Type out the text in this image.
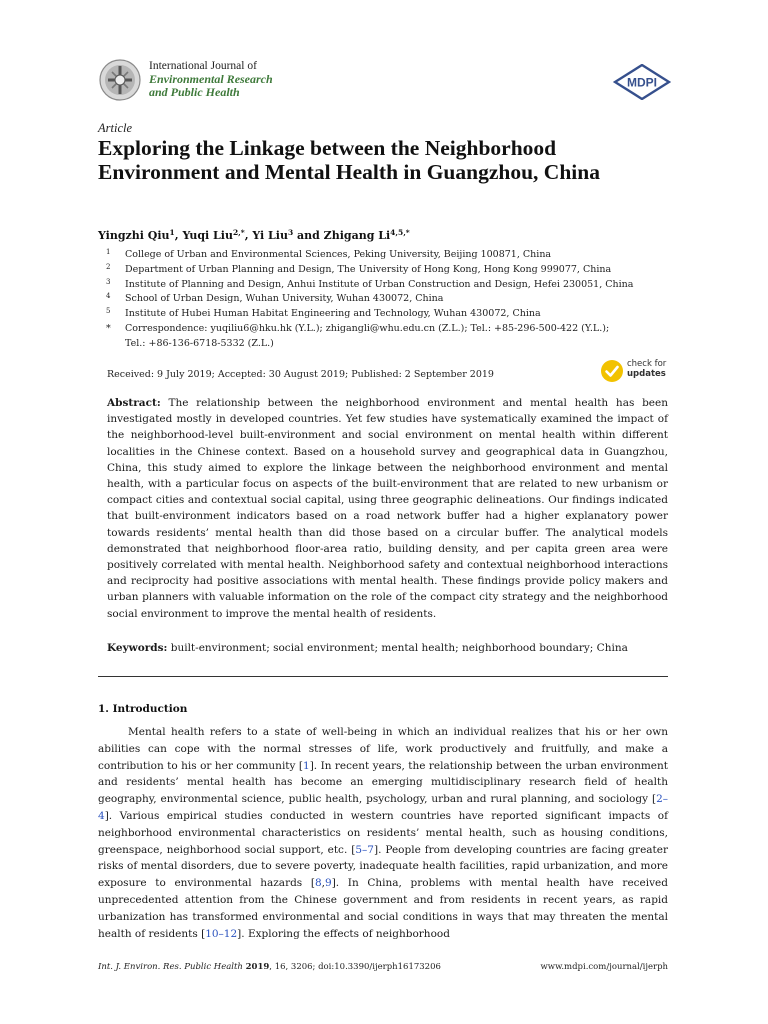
International Journal of
Environmental Research
and Public Health
MDPI
Article
Exploring the Linkage between the Neighborhood Environment and Mental Health in Guangzhou, China
Yingzhi Qiu$^1$, Yuqi Liu$^{2,*}$, Yi Liu$^3$ and Zhigang $Li^{4,5,*}$
1 College of Urban and Environmental Sciences, Peking University, Beijing 100871, China
2 Department of Urban Planning and Design, The University of Hong Kong, Hong Kong 999077, China
3 Institute of Planning and Design, Anhui Institute of Urban Construction and Design, Hefei 230051, China
4 School of Urban Design, Wuhan University, Wuhan 430072, China
5 Institute of Hubei Human Habitat Engineering and Technology, Wuhan 430072, China
* Correspondence: yuqiliu6@hku.hk (Y.L.); zhigangli@whu.edu.cn (Z.L.); Tel.: +85-296-500-422 (Y.L.);
Tel.: +86-136-6718-5332 (Z.L.)
Received: 9 July 2019; Accepted: 30 August 2019; Published: 2 September 2019
check for
updates

Abstract: The relationship between the neighborhood environment and mental health has been investigated mostly in developed countries. Yet few studies have systematically examined the impact of the neighborhood-level built-environment and social environment on mental health within different localities in the Chinese context. Based on a household survey and geographical data in Guangzhou, China, this study aimed to explore the linkage between the neighborhood environment and mental health, with a particular focus on aspects of the built-environment that are related to new urbanism or compact cities and contextual social capital, using three geographic delineations. Our findings indicated that built-environment indicators based on a road network buffer had a higher explanatory power towards residents’ mental health than did those based on a circular buffer. The analytical models demonstrated that neighborhood floor-area ratio, building density, and per capita green area were positively correlated with mental health. Neighborhood safety and contextual neighborhood interactions and reciprocity had positive associations with mental health. These findings provide policy makers and urban planners with valuable information on the role of the compact city strategy and the neighborhood social environment to improve the mental health of residents.

Keywords: built-environment; social environment; mental health; neighborhood boundary; China

1. Introduction

Mental health refers to a state of well-being in which an individual realizes that his or her own abilities can cope with the normal stresses of life, work productively and fruitfully, and make a contribution to his or her community [1]. In recent years, the relationship between the urban environment and residents’ mental health has become an emerging multidisciplinary research field of health geography, environmental science, public health, psychology, urban and rural planning, and sociology [2–4]. Various empirical studies conducted in western countries have reported significant impacts of neighborhood environmental characteristics on residents’ mental health, such as housing conditions, greenspace, neighborhood social support, etc. [5–7]. People from developing countries are facing greater risks of mental disorders, due to severe poverty, inadequate health facilities, rapid urbanization, and more exposure to environmental hazards [8,9]. In China, problems with mental health have received unprecedented attention from the Chinese government and from residents in recent years, as rapid urbanization has transformed environmental and social conditions in ways that may threaten the mental health of residents [10–12]. Exploring the effects of neighborhood

Int. J. Environ. Res. Public Health 2019, 16, 3206; doi:10.3390/ijerph16173206	www.mdpi.com/journal/ijerph
